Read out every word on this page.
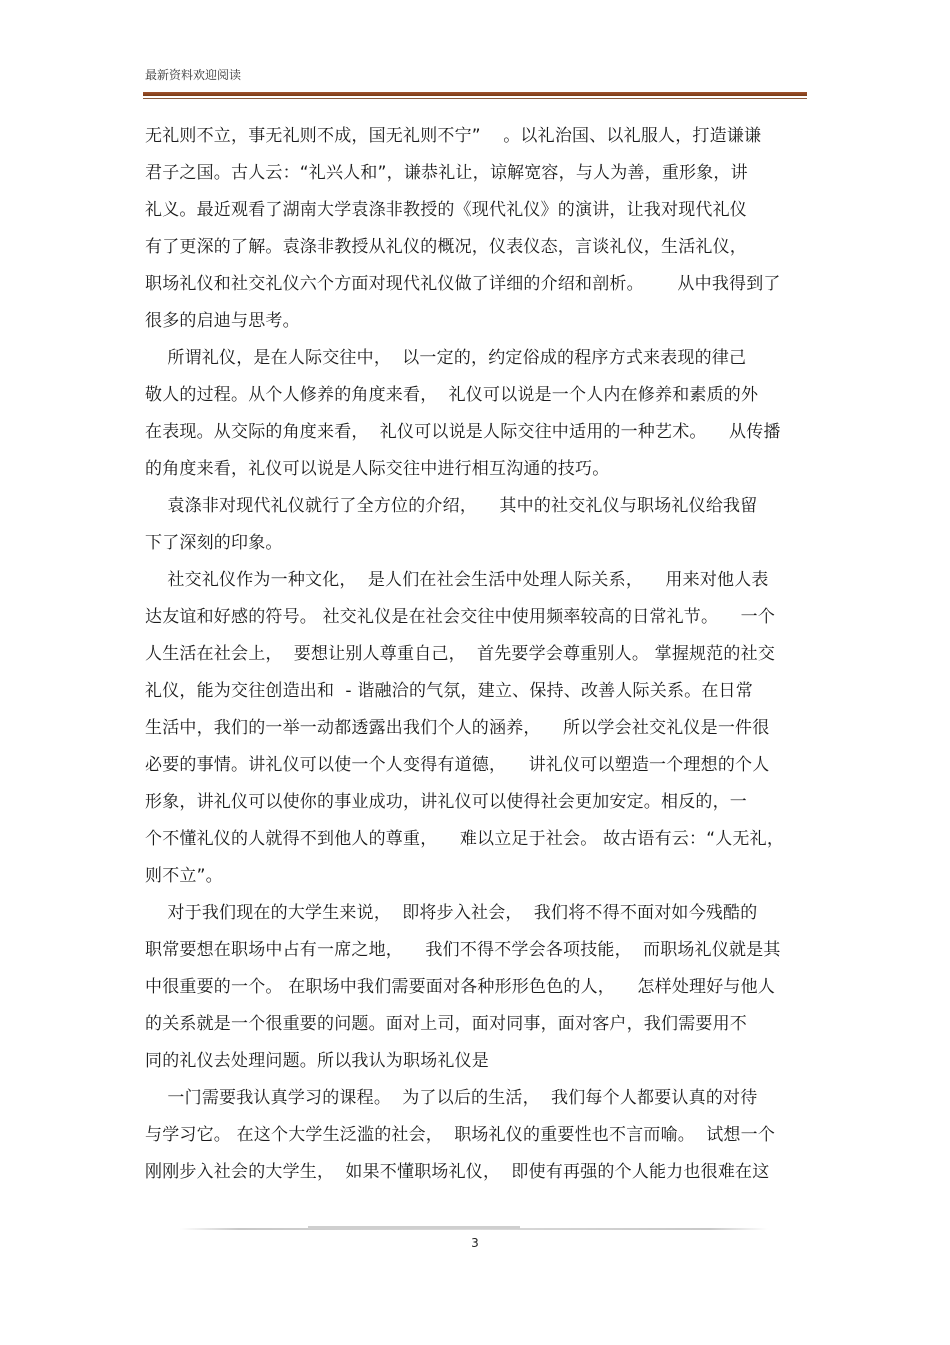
最新资料欢迎阅读
无礼则不立，事无礼则不成，国无礼则不宁”    。以礼治国、以礼服人，打造谦谦
君子之国。古人云：“礼兴人和”，谦恭礼让，谅解宽容，与人为善，重形象，讲
礼义。最近观看了湖南大学袁涤非教授的《现代礼仪》的演讲，让我对现代礼仪
有了更深的了解。袁涤非教授从礼仪的概况，仪表仪态，言谈礼仪，生活礼仪，
职场礼仪和社交礼仪六个方面对现代礼仪做了详细的介绍和剖析。      从中我得到了
很多的启迪与思考。
所谓礼仪，是在人际交往中，  以一定的，约定俗成的程序方式来表现的律己
敬人的过程。从个人修养的角度来看，  礼仪可以说是一个人内在修养和素质的外
在表现。从交际的角度来看，  礼仪可以说是人际交往中适用的一种艺术。    从传播
的角度来看，礼仪可以说是人际交往中进行相互沟通的技巧。
袁涤非对现代礼仪就行了全方位的介绍，    其中的社交礼仪与职场礼仪给我留
下了深刻的印象。
社交礼仪作为一种文化，  是人们在社会生活中处理人际关系，    用来对他人表
达友谊和好感的符号。 社交礼仪是在社会交往中使用频率较高的日常礼节。    一个
人生活在社会上，  要想让别人尊重自己，  首先要学会尊重别人。 掌握规范的社交
礼仪，能为交往创造出和  - 谐融洽的气氛，建立、保持、改善人际关系。在日常
生活中，我们的一举一动都透露出我们个人的涵养，    所以学会社交礼仪是一件很
必要的事情。讲礼仪可以使一个人变得有道德，    讲礼仪可以塑造一个理想的个人
形象，讲礼仪可以使你的事业成功，讲礼仪可以使得社会更加安定。相反的，一
个不懂礼仪的人就得不到他人的尊重，    难以立足于社会。 故古语有云：“人无礼，
则不立”。
对于我们现在的大学生来说，  即将步入社会，  我们将不得不面对如今残酷的
职常要想在职场中占有一席之地，    我们不得不学会各项技能，  而职场礼仪就是其
中很重要的一个。 在职场中我们需要面对各种形形色色的人，    怎样处理好与他人
的关系就是一个很重要的问题。面对上司，面对同事，面对客户，我们需要用不
同的礼仪去处理问题。所以我认为职场礼仪是
一门需要我认真学习的课程。  为了以后的生活，  我们每个人都要认真的对待
与学习它。 在这个大学生泛滥的社会，  职场礼仪的重要性也不言而喻。  试想一个
刚刚步入社会的大学生，  如果不懂职场礼仪，  即使有再强的个人能力也很难在这
3
